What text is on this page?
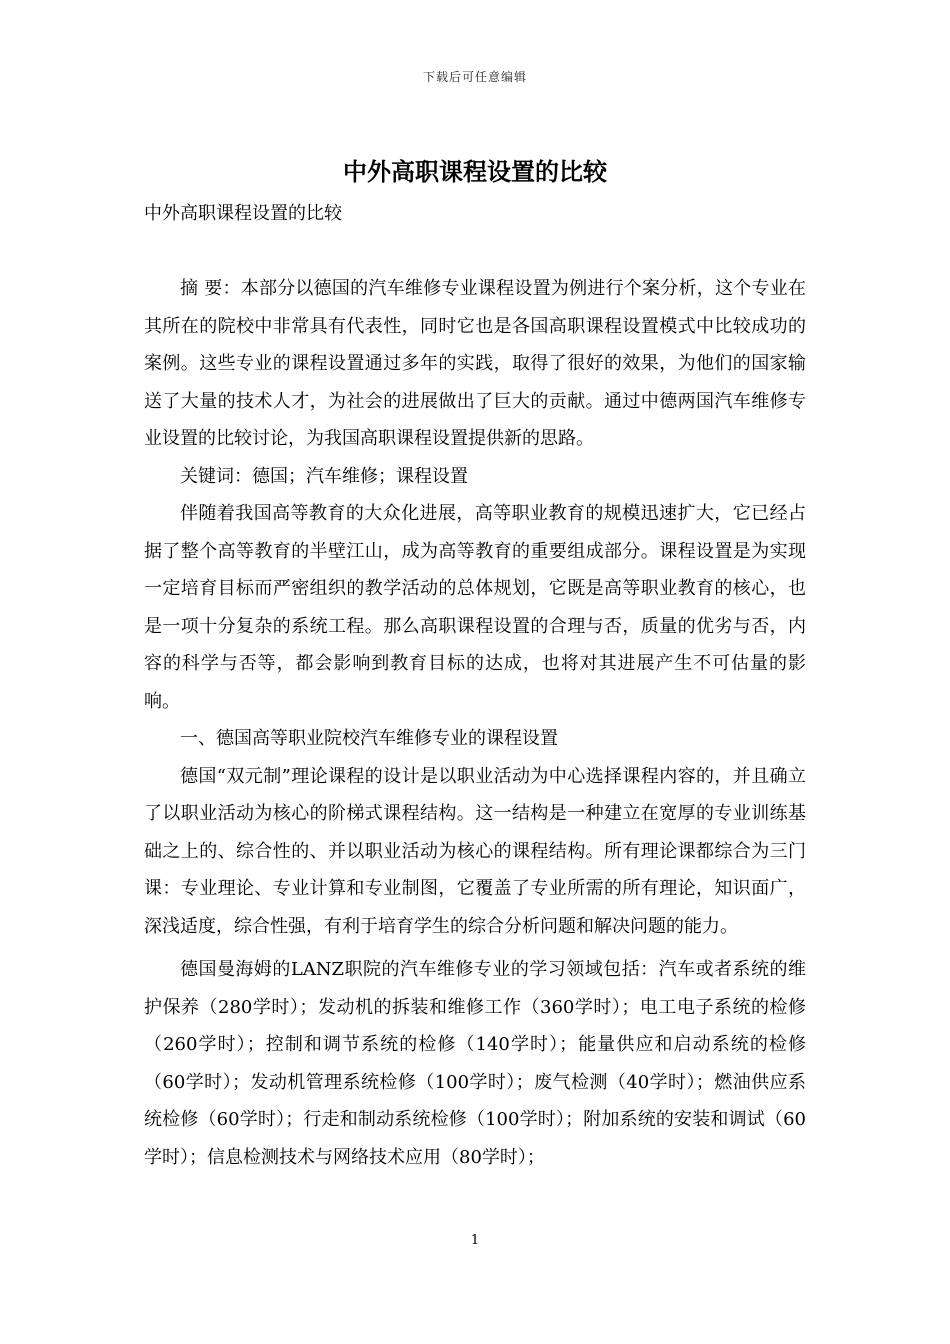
下载后可任意编辑
中外高职课程设置的比较
中外高职课程设置的比较

摘 要：本部分以德国的汽车维修专业课程设置为例进行个案分析，这个专业在其所在的院校中非常具有代表性，同时它也是各国高职课程设置模式中比较成功的案例。这些专业的课程设置通过多年的实践，取得了很好的效果，为他们的国家输送了大量的技术人才，为社会的进展做出了巨大的贡献。通过中德两国汽车维修专业设置的比较讨论，为我国高职课程设置提供新的思路。

关键词：德国；汽车维修；课程设置

伴随着我国高等教育的大众化进展，高等职业教育的规模迅速扩大，它已经占据了整个高等教育的半壁江山，成为高等教育的重要组成部分。课程设置是为实现一定培育目标而严密组织的教学活动的总体规划，它既是高等职业教育的核心，也是一项十分复杂的系统工程。那么高职课程设置的合理与否，质量的优劣与否，内容的科学与否等，都会影响到教育目标的达成，也将对其进展产生不可估量的影响。

一、德国高等职业院校汽车维修专业的课程设置

德国“双元制”理论课程的设计是以职业活动为中心选择课程内容的，并且确立了以职业活动为核心的阶梯式课程结构。这一结构是一种建立在宽厚的专业训练基础之上的、综合性的、并以职业活动为核心的课程结构。所有理论课都综合为三门课：专业理论、专业计算和专业制图，它覆盖了专业所需的所有理论，知识面广，深浅适度，综合性强，有利于培育学生的综合分析问题和解决问题的能力。

德国曼海姆的LANZ职院的汽车维修专业的学习领域包括：汽车或者系统的维护保养（280学时）；发动机的拆装和维修工作（360学时）；电工电子系统的检修（260学时）；控制和调节系统的检修（140学时）；能量供应和启动系统的检修（60学时）；发动机管理系统检修（100学时）；废气检测（40学时）；燃油供应系统检修（60学时）；行走和制动系统检修（100学时）；附加系统的安装和调试（60学时）；信息检测技术与网络技术应用（80学时）；

1
